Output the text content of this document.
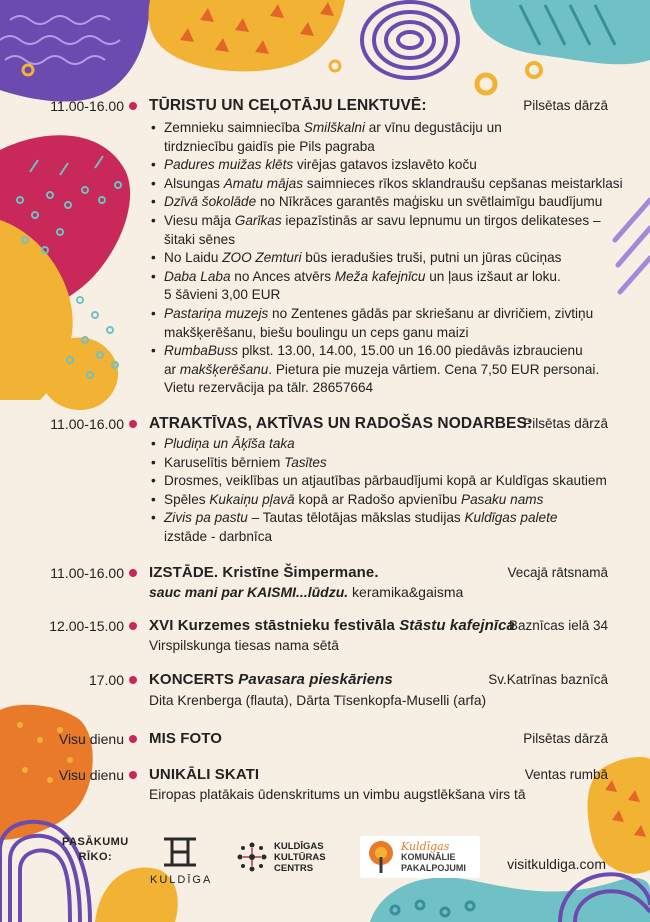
11.00-16.00 TŪRISTU UN CEĻOTĀJU LENKTUVĒ:	Pilsētas dārzā
• Zemnieku saimniecība Smilškalni ar vīnu degustāciju un
tirdzniecību gaidīs pie Pils pagraba
• Padures muižas klēts virējas gatavos izslavēto koču
• Alsungas Amatu mājas saimnieces rīkos sklandraušu cepšanas meistarklasi
• Dzīvā šokolāde no Nīkrāces garantēs maģisku un svētlaimīgu baudījumu
• Viesu māja Garīkas iepazīstinās ar savu lepnumu un tirgos delikateses –
šitaki sēnes
• No Laidu ZOO Zemturi būs ieradušies truši, putni un jūras cūciņas
• Daba Laba no Ances atvērs Meža kafejnīcu un ļaus izšaut ar loku.
5 šāvieni 3,00 EUR
• Pastariņa muzejs no Zentenes gādās par skriešanu ar divričiem, zivtiņu
makšķerēšanu, biešu boulingu un ceps ganu maizi
• RumbaBuss plkst. 13.00, 14.00, 15.00 un 16.00 piedāvās izbraucienu
ar makšķerēšanu. Pietura pie muzeja vārtiem. Cena 7,50 EUR personai.
Vietu rezervācija pa tālr. 28657664
11.00-16.00 ATRAKTĪVAS, AKTĪVAS UN RADOŠAS NODARBES:
Pilsētas dārzā
• Pludiņa un Āķīša taka
• Karuselītis bērniem Tasītes
• Drosmes, veiklības un atjautības pārbaudījumi kopā ar Kuldīgas skautiem
• Spēles Kukaiņu pļavā kopā ar Radošo apvienību Pasaku nams
• Zivis pa pastu – Tautas tēlotājas mākslas studijas Kuldīgas palete
izstāde - darbnīca
11.00-16.00 IZSTĀDE. Kristīne Šimpermane.	Vecajā rātsnamā
sauc mani par KAISMI...lūdzu. keramika&gaisma
12.00-15.00 XVI Kurzemes stāstnieku festivāla Stāstu kafejnīca
Baznīcas ielā 34
Virspilskunga tiesas nama sētā
17.00 KONCERTS Pavasara pieskāriens	Sv.Katrīnas baznīcā
Dita Krenberga (flauta), Dārta Tīsenkopfa-Muselli (arfa)
Visu dienu MIS FOTO	Pilsētas dārzā
Visu dienu UNIKĀLI SKATI	Ventas rumbā
Eiropas platākais ūdenskritums un vimbu augstlēkšana virs tā
PASĀKUMU
RĪKO:
KULDĪGA
KULDĪGAS
KULTŪRAS
CENTRS
Kuldīgas
KOMUNĀLIE
PAKALPOJUMI	visitkuldiga.com
